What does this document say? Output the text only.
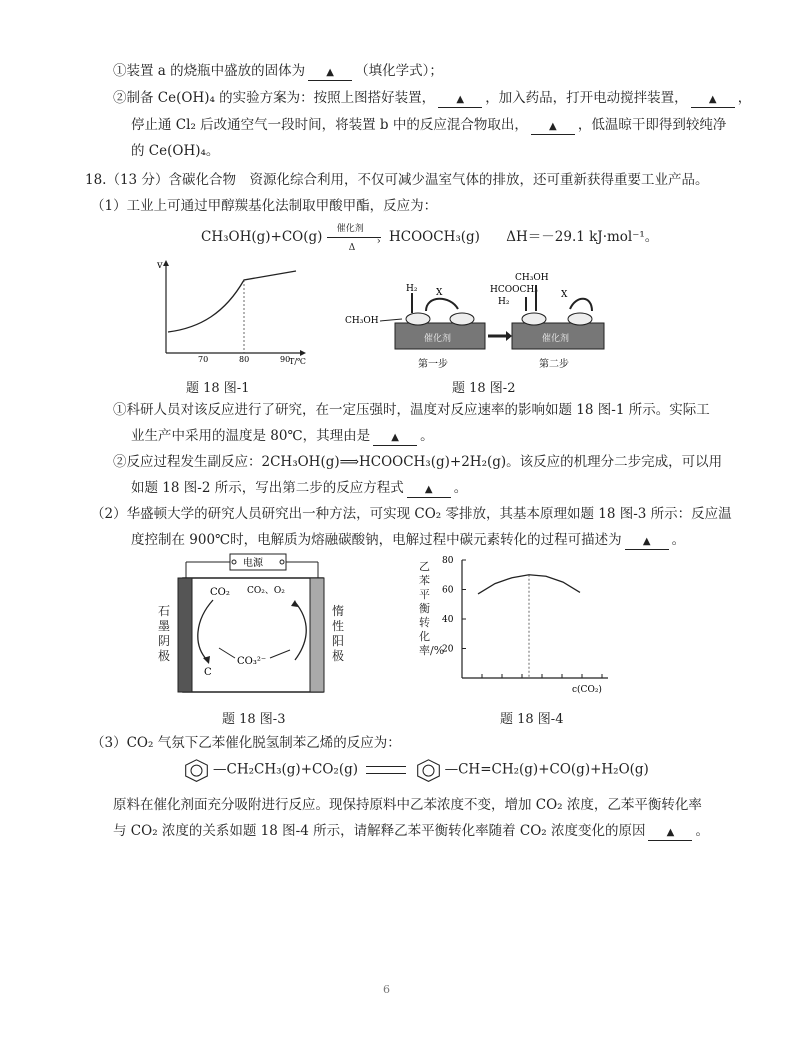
①装置 a 的烧瓶中盛放的固体为 ▲ （填化学式）；
②制备 Ce(OH)₄ 的实验方案为：按照上图搭好装置， ▲ ，加入药品，打开电动搅拌装置， ▲ ，
停止通 Cl₂ 后改通空气一段时间，将装置 b 中的反应混合物取出， ▲ ，低温晾干即得到较纯净
的 Ce(OH)₄。
18.（13 分）含碳化合物　资源化综合利用，不仅可减少温室气体的排放，还可重新获得重要工业产品。
（1）工业上可通过甲醇羰基化法制取甲酸甲酯，反应为：
CH₃OH(g)+CO(g)
催化剂
›
Δ
HCOOCH₃(g) ΔH＝－29.1 kJ·mol⁻¹。
v
70	80	90
T/℃
题 18 图-1
催化剂
CH₃OH
H₂ X
第一步
催化剂
CH₃OH
HCOOCH₃
H₂
X
第二步
题 18 图-2
①科研人员对该反应进行了研究，在一定压强时，温度对反应速率的影响如题 18 图-1 所示。实际工
业生产中采用的温度是 80℃，其理由是 ▲ 。
②反应过程发生副反应：2CH₃OH(g)⟹HCOOCH₃(g)+2H₂(g)。该反应的机理分二步完成，可以用
如题 18 图-2 所示，写出第二步的反应方程式 ▲ 。
（2）华盛顿大学的研究人员研究出一种方法，可实现 CO₂ 零排放，其基本原理如题 18 图-3 所示：反应温
度控制在 900℃时，电解质为熔融碳酸钠，电解过程中碳元素转化的过程可描述为 ▲ 。
电源
CO₂ CO₂、O₂
CO₃²⁻
C
石墨阴极
惰性阳极
题 18 图-3
乙苯平衡转化率/%
20
40
60
80
c(CO₂)
题 18 图-4
（3）CO₂ 气氛下乙苯催化脱氢制苯乙烯的反应为：
—CH₂CH₃(g)+CO₂(g)	—CH=CH₂(g)+CO(g)+H₂O(g)
原料在催化剂面充分吸附进行反应。现保持原料中乙苯浓度不变，增加 CO₂ 浓度，乙苯平衡转化率
与 CO₂ 浓度的关系如题 18 图-4 所示，请解释乙苯平衡转化率随着 CO₂ 浓度变化的原因 ▲ 。
6
